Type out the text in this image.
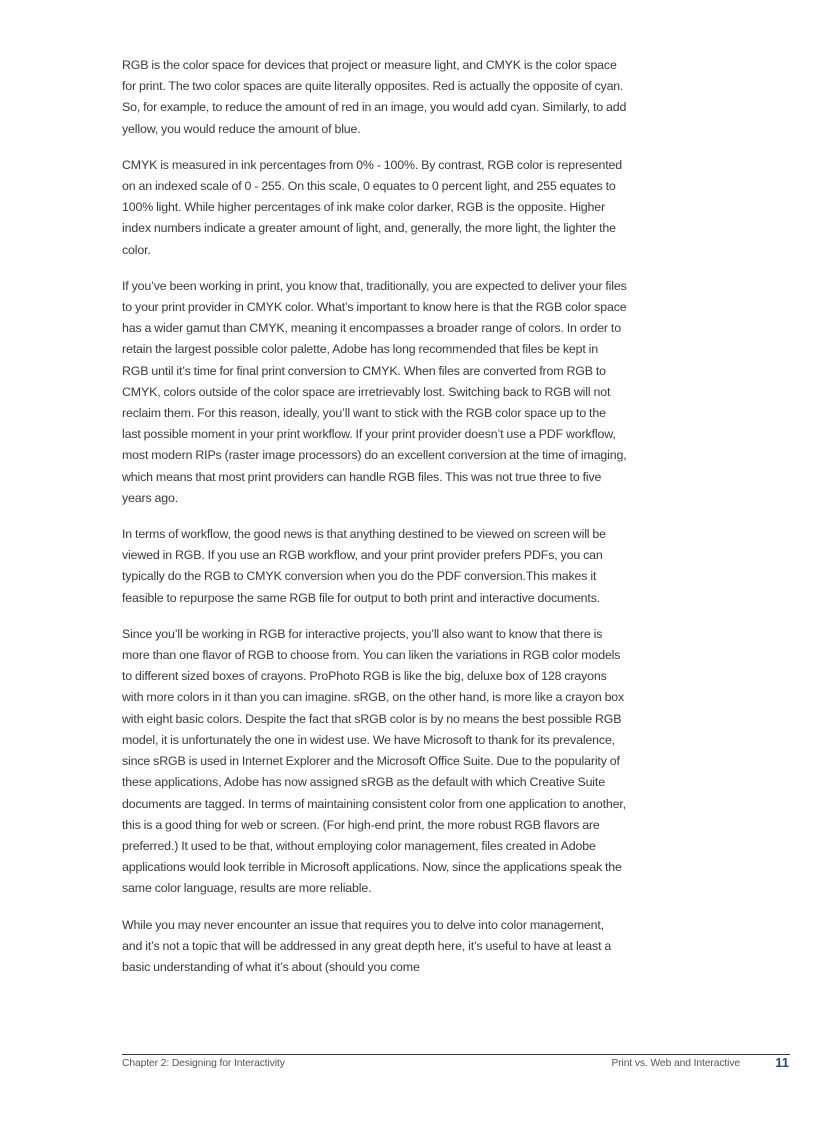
RGB is the color space for devices that project or measure light, and CMYK is the color space for print. The two color spaces are quite literally opposites. Red is actually the opposite of cyan. So, for example, to reduce the amount of red in an image, you would add cyan. Similarly, to add yellow, you would reduce the amount of blue.

CMYK is measured in ink percentages from 0% - 100%. By contrast, RGB color is represented on an indexed scale of 0 - 255. On this scale, 0 equates to 0 percent light, and 255 equates to 100% light. While higher percentages of ink make color darker, RGB is the opposite. Higher index numbers indicate a greater amount of light, and, generally, the more light, the lighter the color.

If you’ve been working in print, you know that, traditionally, you are expected to deliver your files to your print provider in CMYK color. What’s important to know here is that the RGB color space has a wider gamut than CMYK, meaning it encompasses a broader range of colors. In order to retain the largest possible color palette, Adobe has long recommended that files be kept in RGB until it’s time for final print conversion to CMYK. When files are converted from RGB to CMYK, colors outside of the color space are irretrievably lost. Switching back to RGB will not reclaim them. For this reason, ideally, you’ll want to stick with the RGB color space up to the last possible moment in your print workflow. If your print provider doesn’t use a PDF workflow, most modern RIPs (raster image processors) do an excellent conversion at the time of imaging, which means that most print providers can handle RGB files. This was not true three to five years ago.

In terms of workflow, the good news is that anything destined to be viewed on screen will be viewed in RGB. If you use an RGB workflow, and your print provider prefers PDFs, you can typically do the RGB to CMYK conversion when you do the PDF conversion.This makes it feasible to repurpose the same RGB file for output to both print and interactive documents.

Since you’ll be working in RGB for interactive projects, you’ll also want to know that there is more than one flavor of RGB to choose from. You can liken the variations in RGB color models to different sized boxes of crayons. ProPhoto RGB is like the big, deluxe box of 128 crayons with more colors in it than you can imagine. sRGB, on the other hand, is more like a crayon box with eight basic colors. Despite the fact that sRGB color is by no means the best possible RGB model, it is unfortunately the one in widest use. We have Microsoft to thank for its prevalence, since sRGB is used in Internet Explorer and the Microsoft Office Suite. Due to the popularity of these applications, Adobe has now assigned sRGB as the default with which Creative Suite documents are tagged. In terms of maintaining consistent color from one application to another, this is a good thing for web or screen. (For high-end print, the more robust RGB flavors are preferred.) It used to be that, without employing color management, files created in Adobe applications would look terrible in Microsoft applications. Now, since the applications speak the same color language, results are more reliable.

While you may never encounter an issue that requires you to delve into color management, and it’s not a topic that will be addressed in any great depth here, it’s useful to have at least a basic understanding of what it’s about (should you come

Chapter 2: Designing for Interactivity	Print vs. Web and Interactive	11
